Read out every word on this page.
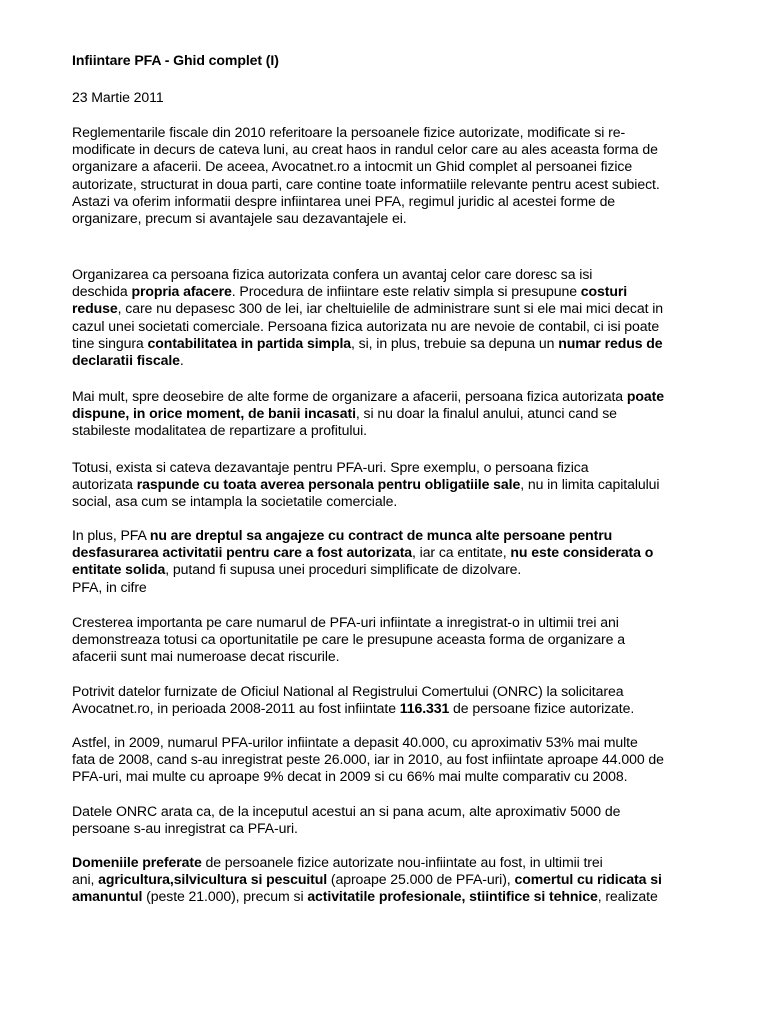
Infiintare PFA - Ghid complet (I)

23 Martie 2011

Reglementarile fiscale din 2010 referitoare la persoanele fizice autorizate, modificate si re-
modificate in decurs de cateva luni, au creat haos in randul celor care au ales aceasta forma de
organizare a afacerii. De aceea, Avocatnet.ro a intocmit un Ghid complet al persoanei fizice
autorizate, structurat in doua parti, care contine toate informatiile relevante pentru acest subiect.
Astazi va oferim informatii despre infiintarea unei PFA, regimul juridic al acestei forme de
organizare, precum si avantajele sau dezavantajele ei.
Organizarea ca persoana fizica autorizata confera un avantaj celor care doresc sa isi
deschida propria afacere. Procedura de infiintare este relativ simpla si presupune costuri
reduse, care nu depasesc 300 de lei, iar cheltuielile de administrare sunt si ele mai mici decat in
cazul unei societati comerciale. Persoana fizica autorizata nu are nevoie de contabil, ci isi poate
tine singura contabilitatea in partida simpla, si, in plus, trebuie sa depuna un numar redus de
declaratii fiscale.
Mai mult, spre deosebire de alte forme de organizare a afacerii, persoana fizica autorizata poate
dispune, in orice moment, de banii incasati, si nu doar la finalul anului, atunci cand se
stabileste modalitatea de repartizare a profitului.
Totusi, exista si cateva dezavantaje pentru PFA-uri. Spre exemplu, o persoana fizica
autorizata raspunde cu toata averea personala pentru obligatiile sale, nu in limita capitalului
social, asa cum se intampla la societatile comerciale.
In plus, PFA nu are dreptul sa angajeze cu contract de munca alte persoane pentru
desfasurarea activitatii pentru care a fost autorizata, iar ca entitate, nu este considerata o
entitate solida, putand fi supusa unei proceduri simplificate de dizolvare.
PFA, in cifre
Cresterea importanta pe care numarul de PFA-uri infiintate a inregistrat-o in ultimii trei ani
demonstreaza totusi ca oportunitatile pe care le presupune aceasta forma de organizare a
afacerii sunt mai numeroase decat riscurile.
Potrivit datelor furnizate de Oficiul National al Registrului Comertului (ONRC) la solicitarea
Avocatnet.ro, in perioada 2008-2011 au fost infiintate 116.331 de persoane fizice autorizate.
Astfel, in 2009, numarul PFA-urilor infiintate a depasit 40.000, cu aproximativ 53% mai multe
fata de 2008, cand s-au inregistrat peste 26.000, iar in 2010, au fost infiintate aproape 44.000 de
PFA-uri, mai multe cu aproape 9% decat in 2009 si cu 66% mai multe comparativ cu 2008.
Datele ONRC arata ca, de la inceputul acestui an si pana acum, alte aproximativ 5000 de
persoane s-au inregistrat ca PFA-uri.
Domeniile preferate de persoanele fizice autorizate nou-infiintate au fost, in ultimii trei
ani, agricultura,silvicultura si pescuitul (aproape 25.000 de PFA-uri), comertul cu ridicata si
amanuntul (peste 21.000), precum si activitatile profesionale, stiintifice si tehnice, realizate
